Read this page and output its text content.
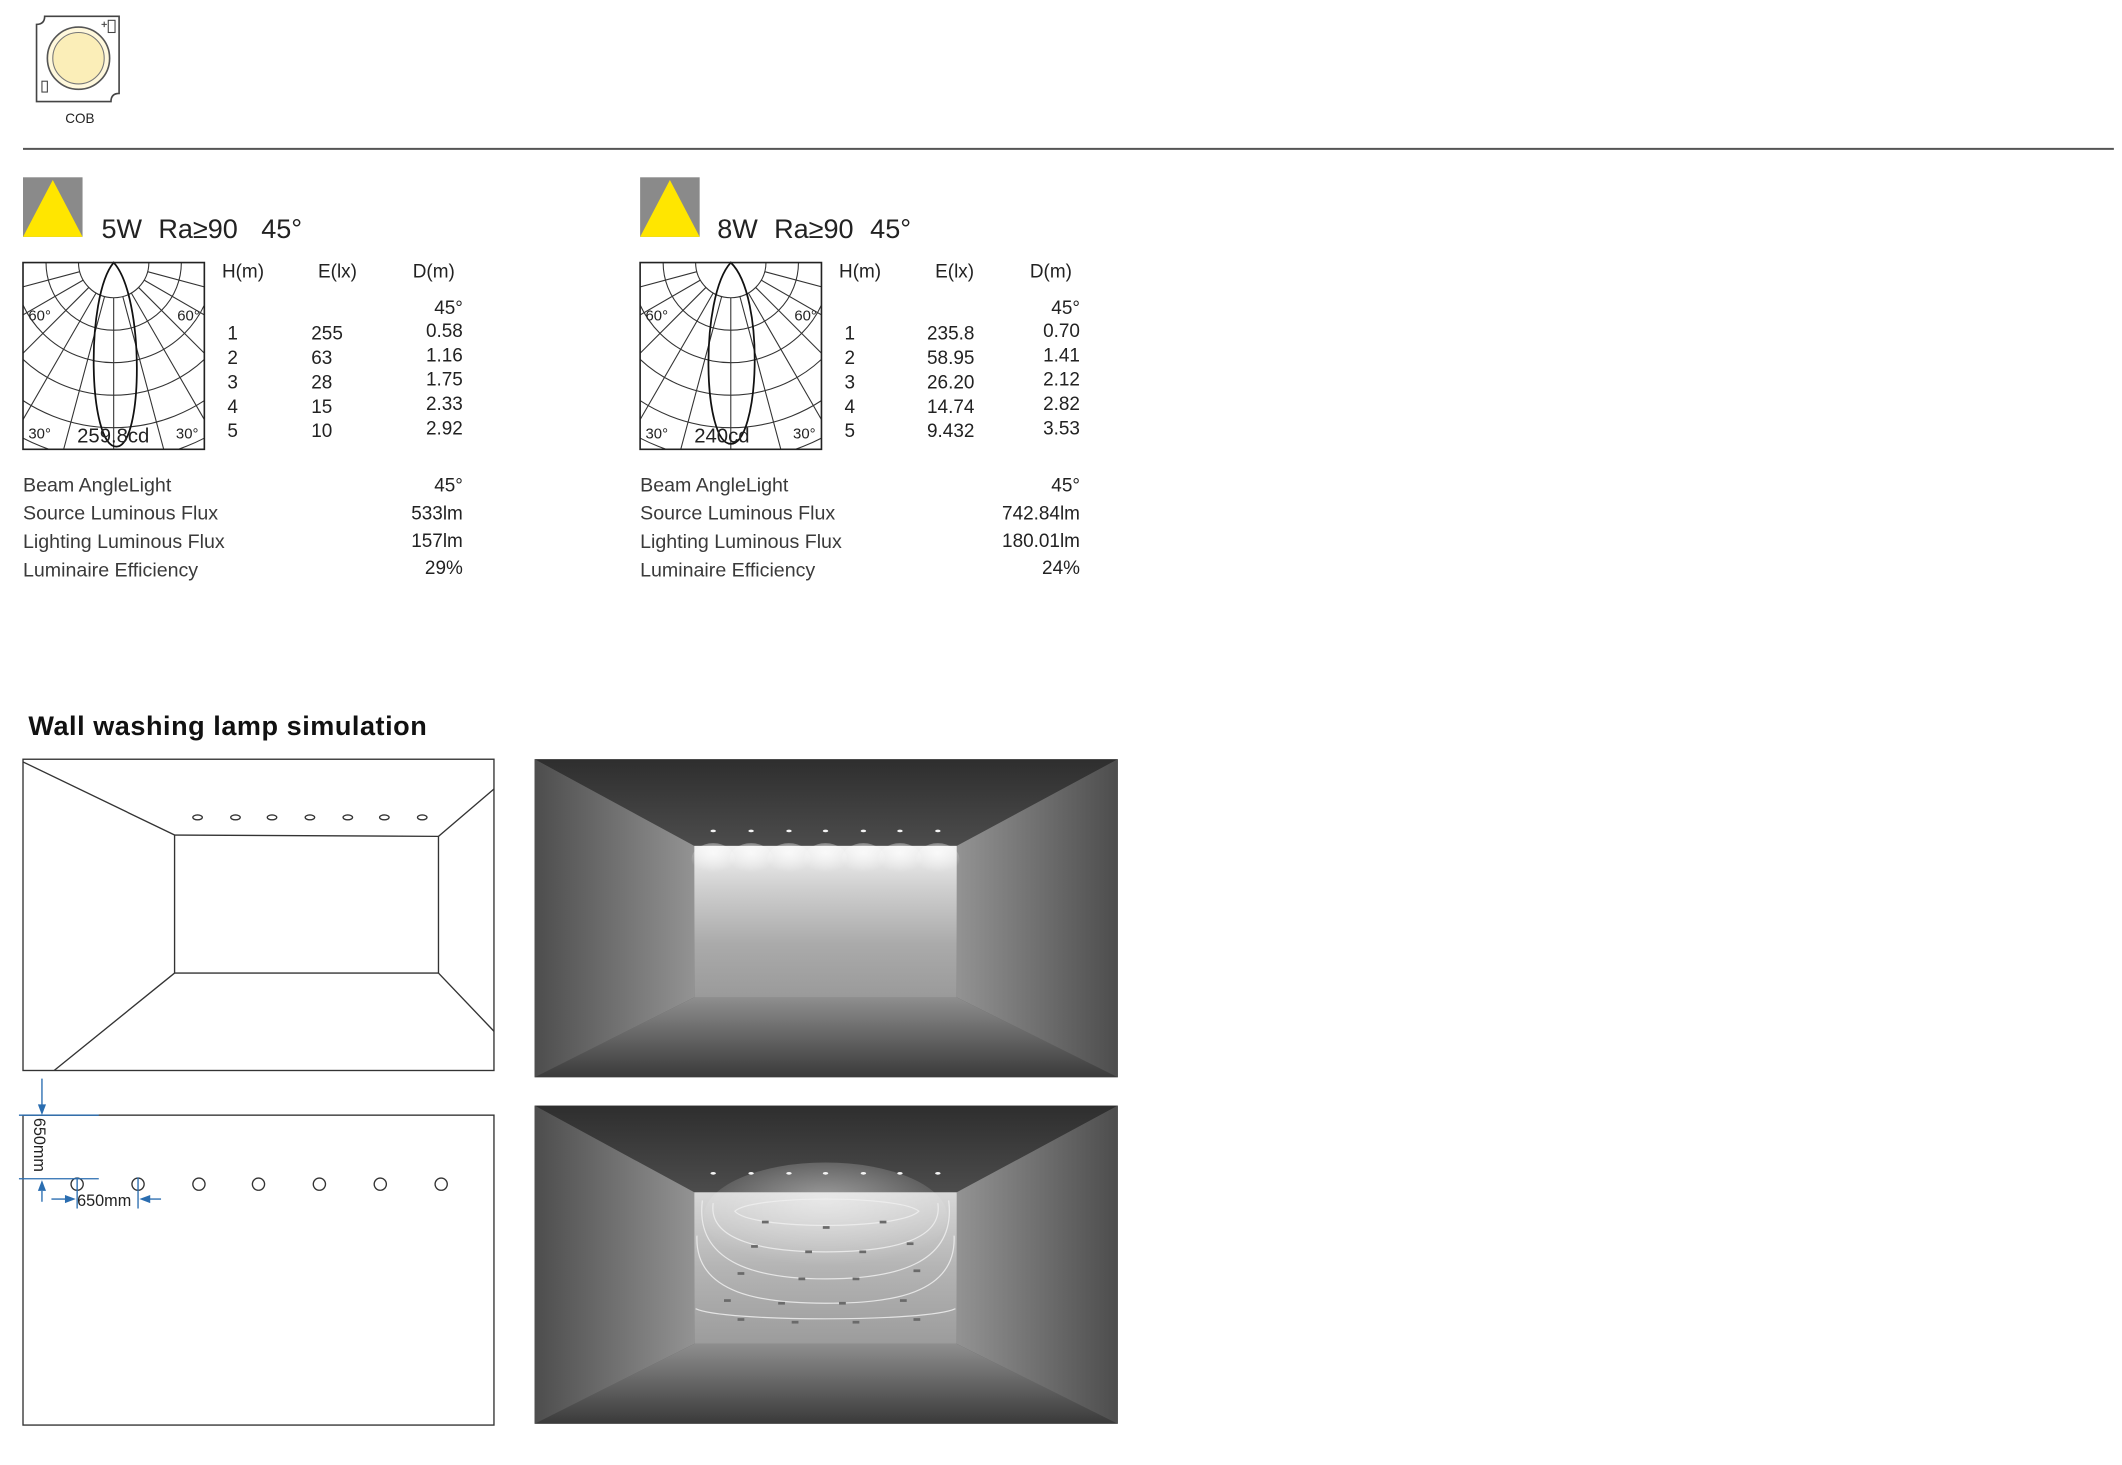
COB
5W Ra≥90 45°
60°	60°
30°	30°
259.8cd
H(m)	E(lx)	D(m)
45°
1	255	0.58
2	63	1.16
3	28	1.75
4	15	2.33
5	10	2.92
Beam AngleLight	45°
Source Luminous Flux	533lm
Lighting Luminous Flux	157lm
Luminaire Efficiency	29%
8W Ra≥90 45°
60°	60°
30°	30°
240cd
H(m)	E(lx)	D(m)
45°
1	235.8	0.70
2	58.95	1.41
3	26.20	2.12
4	14.74	2.82
5	9.432	3.53
Beam AngleLight	45°
Source Luminous Flux	742.84lm
Lighting Luminous Flux	180.01lm
Luminaire Efficiency	24%
Wall washing lamp simulation
650mm
650mm
